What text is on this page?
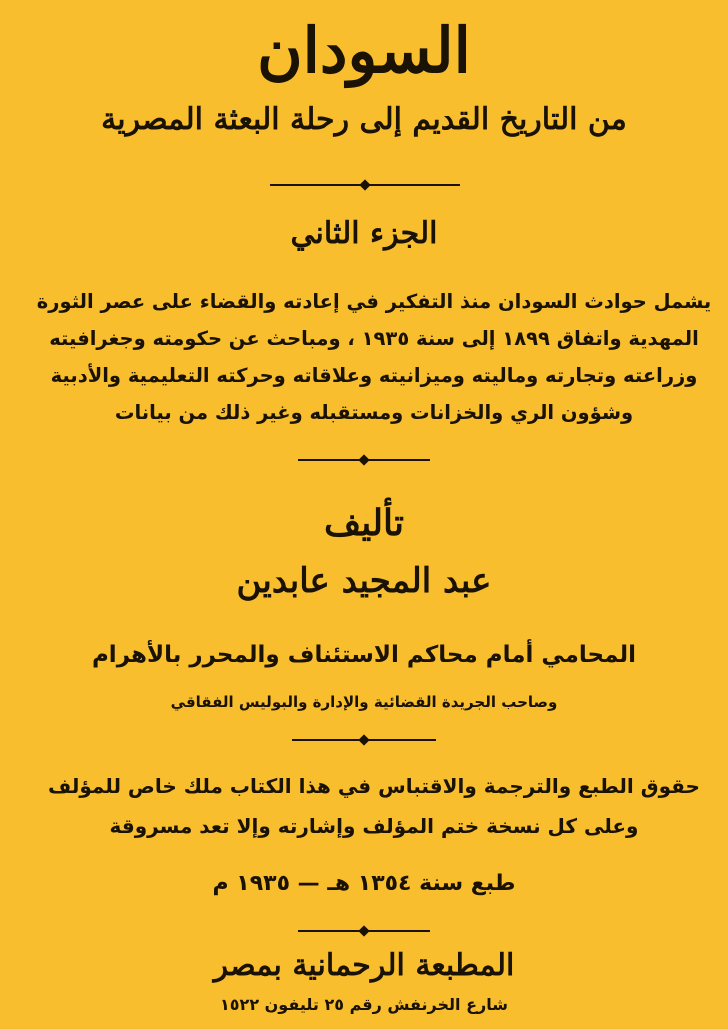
السودان
من التاريخ القديم إلى رحلة البعثة المصرية
الجزء الثاني
يشمل حوادث السودان منذ التفكير في إعادته والقضاء على عصر الثورة
المهدية واتفاق ١٨٩٩ إلى سنة ١٩٣٥ ، ومباحث عن حكومته وجغرافيته
وزراعته وتجارته وماليته وميزانيته وعلاقاته وحركته التعليمية والأدبية
وشؤون الري والخزانات ومستقبله وغير ذلك من بيانات
تأليف
عبد المجيد عابدين
المحامي أمام محاكم الاستئناف والمحرر بالأهرام
وصاحب الجريدة القضائية والإدارة والبوليس الفقاقي
حقوق الطبع والترجمة والاقتباس في هذا الكتاب ملك خاص للمؤلف
وعلى كل نسخة ختم المؤلف وإشارته وإلا تعد مسروقة
طبع سنة ١٣٥٤ هـ — ١٩٣٥ م
المطبعة الرحمانية بمصر
شارع الخرنفش رقم ٢٥ تليفون ١٥٢٢
